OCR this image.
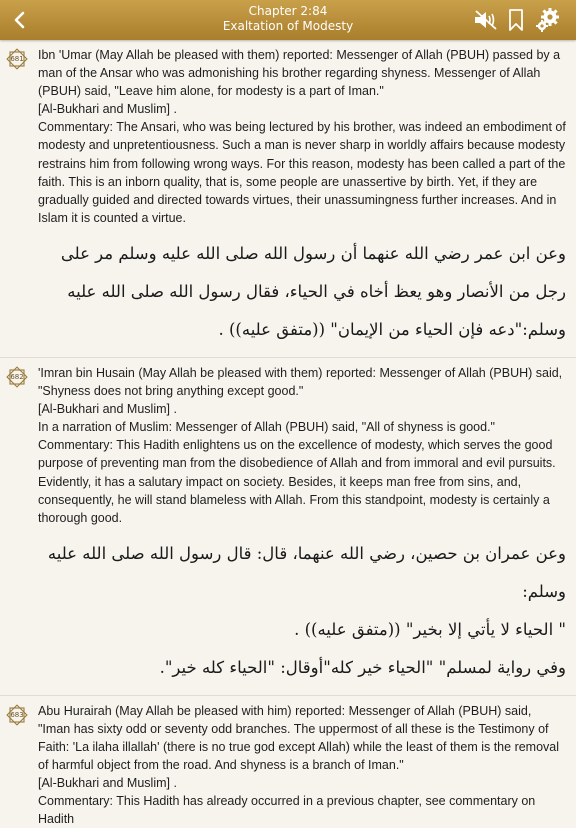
Chapter 2:84
Exaltation of Modesty
681	Ibn 'Umar (May Allah be pleased with them) reported: Messenger of Allah (PBUH) passed by a man of the Ansar who was admonishing his brother regarding shyness. Messenger of Allah (PBUH) said, "Leave him alone, for modesty is a part of Iman."
[Al-Bukhari and Muslim] .
Commentary: The Ansari, who was being lectured by his brother, was indeed an embodiment of modesty and unpretentiousness. Such a man is never sharp in worldly affairs because modesty restrains him from following wrong ways. For this reason, modesty has been called a part of the faith. This is an inborn quality, that is, some people are unassertive by birth. Yet, if they are gradually guided and directed towards virtues, their unassumingness further increases. And in Islam it is counted a virtue.
وعن ابن عمر رضي الله عنهما أن رسول الله صلى الله عليه وسلم مر على رجل من الأنصار وهو يعظ أخاه في الحياء، فقال رسول الله صلى الله عليه وسلم:"دعه فإن الحياء من الإيمان" ((متفق عليه)) .
682	'Imran bin Husain (May Allah be pleased with them) reported: Messenger of Allah (PBUH) said, "Shyness does not bring anything except good."
[Al-Bukhari and Muslim] .
In a narration of Muslim: Messenger of Allah (PBUH) said, "All of shyness is good."
Commentary: This Hadith enlightens us on the excellence of modesty, which serves the good purpose of preventing man from the disobedience of Allah and from immoral and evil pursuits. Evidently, it has a salutary impact on society. Besides, it keeps man free from sins, and, consequently, he will stand blameless with Allah. From this standpoint, modesty is certainly a thorough good.
وعن عمران بن حصين، رضي الله عنهما، قال: قال رسول الله صلى الله عليه وسلم:
" الحياء لا يأتي إلا بخير" ((متفق عليه)) .
وفي رواية لمسلم" "الحياء خير كله"أوقال: "الحياء كله خير".
683	Abu Hurairah (May Allah be pleased with him) reported: Messenger of Allah (PBUH) said, "Iman has sixty odd or seventy odd branches. The uppermost of all these is the Testimony of Faith: 'La ilaha illallah' (there is no true god except Allah) while the least of them is the removal of harmful object from the road. And shyness is a branch of Iman."
[Al-Bukhari and Muslim] .
Commentary: This Hadith has already occurred in a previous chapter, see commentary on Hadith
